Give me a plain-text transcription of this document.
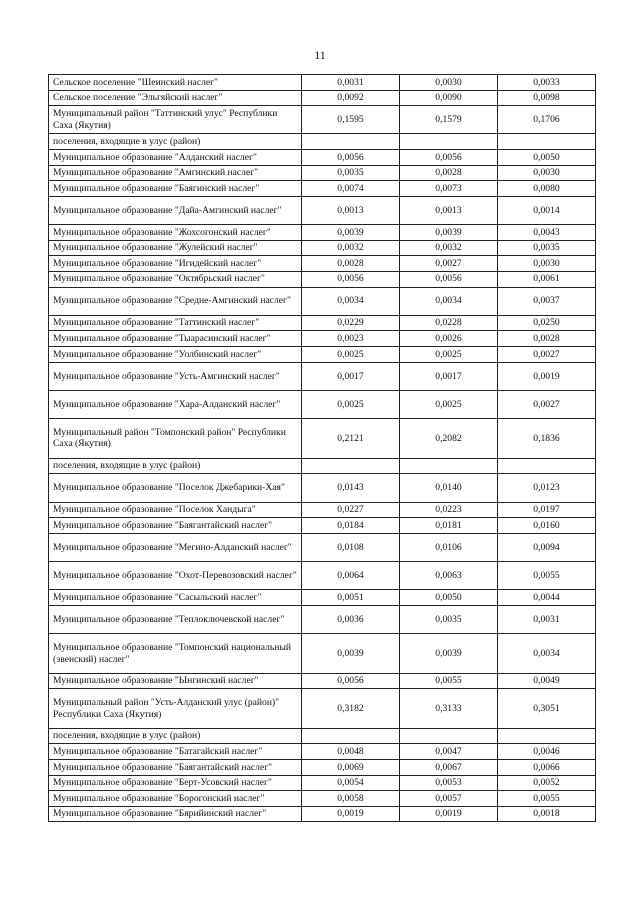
11
Сельское поселение "Шеинский наслег"	0,0031	0,0030	0,0033
Сельское поселение "Эльгяйский наслег"	0,0092	0,0090	0,0098
Муниципальный район "Таттинский улус" Республики Саха (Якутия)	0,1595	0,1579	0,1706
поселения, входящие в улус (район)			
Муниципальное образование "Алданский наслег"	0,0056	0,0056	0,0050
Муниципальное образование "Амгинский наслег"	0,0035	0,0028	0,0030
Муниципальное образование "Баягинский наслег"	0,0074	0,0073	0,0080
Муниципальное образование "Дайа-Амгинский наслег"	0,0013	0,0013	0,0014
Муниципальное образование "Жохсогонский наслег"	0,0039	0,0039	0,0043
Муниципальное образование "Жулейский наслег"	0,0032	0,0032	0,0035
Муниципальное образование "Игидейский наслег"	0,0028	0,0027	0,0030
Муниципальное образование "Октябрьский наслег"	0,0056	0,0056	0,0061
Муниципальное образование "Средне-Амгинский наслег"	0,0034	0,0034	0,0037
Муниципальное образование "Таттинский наслег"	0,0229	0,0228	0,0250
Муниципальное образование "Тыарасинский наслег"	0,0023	0,0026	0,0028
Муниципальное образование "Уолбинский наслег"	0,0025	0,0025	0,0027
Муниципальное образование "Усть-Амгинский наслег"	0,0017	0,0017	0,0019
Муниципальное образование "Хара-Алданский наслег"	0,0025	0,0025	0,0027
Муниципальный район "Томпонский район" Республики Саха (Якутия)	0,2121	0,2082	0,1836
поселения, входящие в улус (район)			
Муниципальное образование "Поселок Джебарики-Хая"	0,0143	0,0140	0,0123
Муниципальное образование "Поселок Хандыга"	0,0227	0,0223	0,0197
Муниципальное образование "Баягантайский наслег"	0,0184	0,0181	0,0160
Муниципальное образование "Мегино-Алданский наслег"	0,0108	0,0106	0,0094
Муниципальное образование "Охот-Перевозовский наслег"	0,0064	0,0063	0,0055
Муниципальное образование "Сасыльский наслег"	0,0051	0,0050	0,0044
Муниципальное образование "Теплоключевской наслег"	0,0036	0,0035	0,0031
Муниципальное образование "Томпонский национальный (эвенский) наслег"	0,0039	0,0039	0,0034
Муниципальное образование "Ынгинский наслег"	0,0056	0,0055	0,0049
Муниципальный район "Усть-Алданский улус (район)" Республики Саха (Якутия)	0,3182	0,3133	0,3051
поселения, входящие в улус (район)			
Муниципальное образование "Батагайский наслег"	0,0048	0,0047	0,0046
Муниципальное образование "Баягантайский наслег"	0,0069	0,0067	0,0066
Муниципальное образование "Берт-Усовский наслег"	0,0054	0,0053	0,0052
Муниципальное образование "Борогонский наслег"	0,0058	0,0057	0,0055
Муниципальное образование "Бярийинский наслег"	0,0019	0,0019	0,0018
